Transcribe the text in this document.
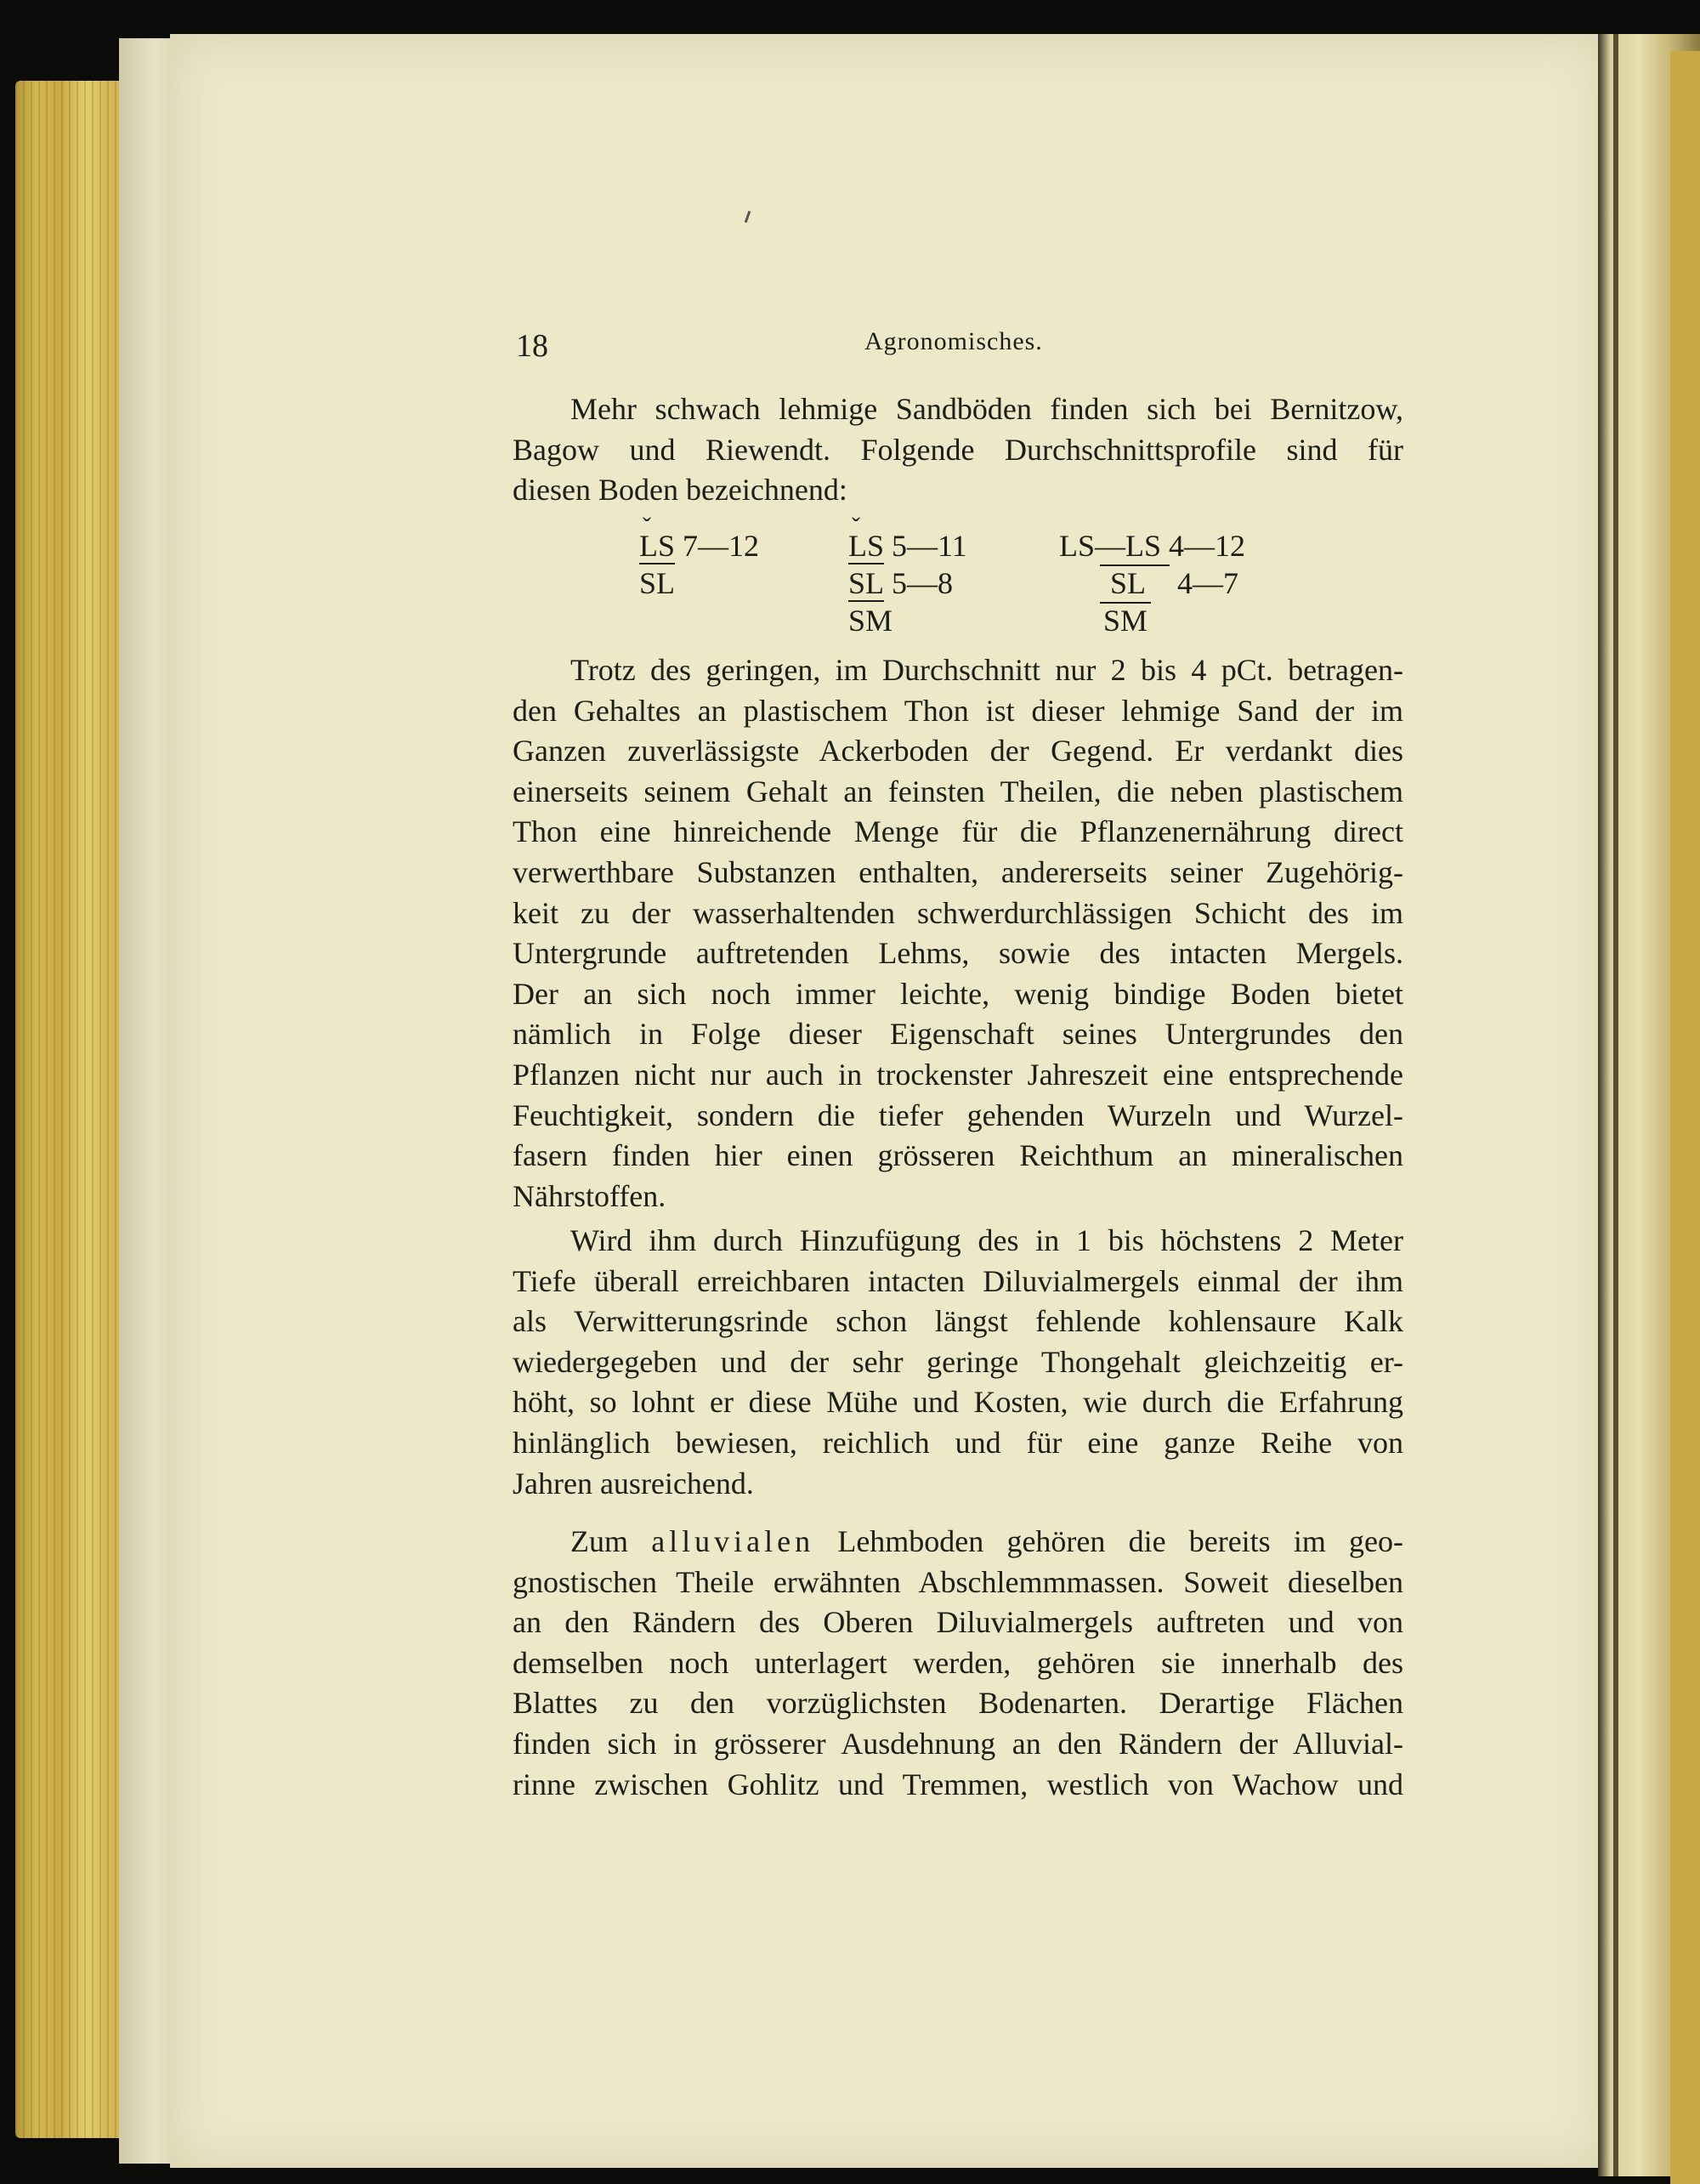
18	Agronomisches.
Mehr schwach lehmige Sandböden finden sich bei Bernitzow,
Bagow und Riewendt. Folgende Durchschnittsprofile sind für
diesen Boden bezeichnend:
ˇ LS 7—12
SL
ˇ LS 5—11
SL 5—8
SM
LS—LS 4—12
SL 4—7
SM
Trotz des geringen, im Durchschnitt nur 2 bis 4 pCt. betragen-
den Gehaltes an plastischem Thon ist dieser lehmige Sand der im
Ganzen zuverlässigste Ackerboden der Gegend. Er verdankt dies
einerseits seinem Gehalt an feinsten Theilen, die neben plastischem
Thon eine hinreichende Menge für die Pflanzenernährung direct
verwerthbare Substanzen enthalten, andererseits seiner Zugehörig-
keit zu der wasserhaltenden schwerdurchlässigen Schicht des im
Untergrunde auftretenden Lehms, sowie des intacten Mergels.
Der an sich noch immer leichte, wenig bindige Boden bietet
nämlich in Folge dieser Eigenschaft seines Untergrundes den
Pflanzen nicht nur auch in trockenster Jahreszeit eine entsprechende
Feuchtigkeit, sondern die tiefer gehenden Wurzeln und Wurzel-
fasern finden hier einen grösseren Reichthum an mineralischen
Nährstoffen.
Wird ihm durch Hinzufügung des in 1 bis höchstens 2 Meter
Tiefe überall erreichbaren intacten Diluvialmergels einmal der ihm
als Verwitterungsrinde schon längst fehlende kohlensaure Kalk
wiedergegeben und der sehr geringe Thongehalt gleichzeitig er-
höht, so lohnt er diese Mühe und Kosten, wie durch die Erfahrung
hinlänglich bewiesen, reichlich und für eine ganze Reihe von
Jahren ausreichend.
Zum alluvialen Lehmboden gehören die bereits im geo-
gnostischen Theile erwähnten Abschlemmmassen. Soweit dieselben
an den Rändern des Oberen Diluvialmergels auftreten und von
demselben noch unterlagert werden, gehören sie innerhalb des
Blattes zu den vorzüglichsten Bodenarten. Derartige Flächen
finden sich in grösserer Ausdehnung an den Rändern der Alluvial-
rinne zwischen Gohlitz und Tremmen, westlich von Wachow und
